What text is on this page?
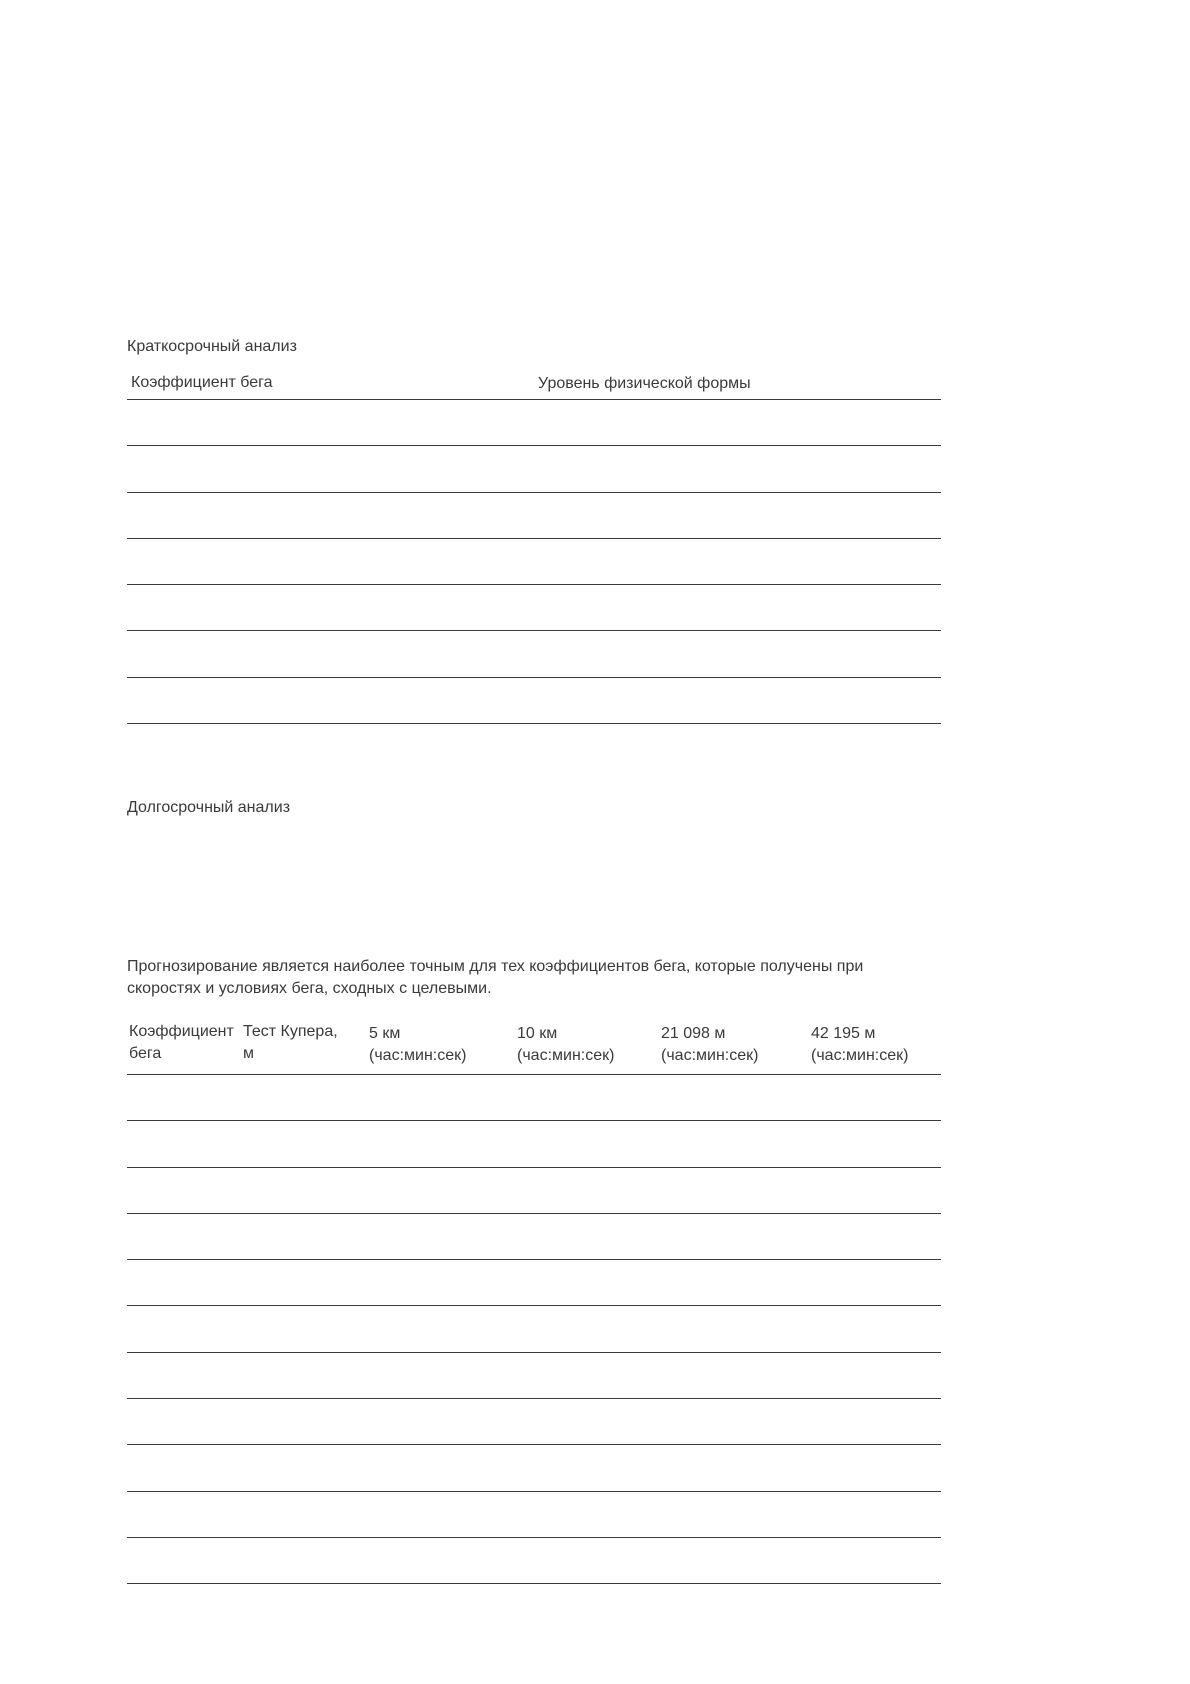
Краткосрочный анализ
Коэффициент бега	Уровень физической формы
Долгосрочный анализ
Прогнозирование является наиболее точным для тех коэффициентов бега, которые получены при скоростях и условиях бега, сходных с целевыми.
Коэффициент
бега
Тест Купера,
м
5 км
(час:мин:сек)
10 км
(час:мин:сек)
21 098 м
(час:мин:сек)
42 195 м
(час:мин:сек)
